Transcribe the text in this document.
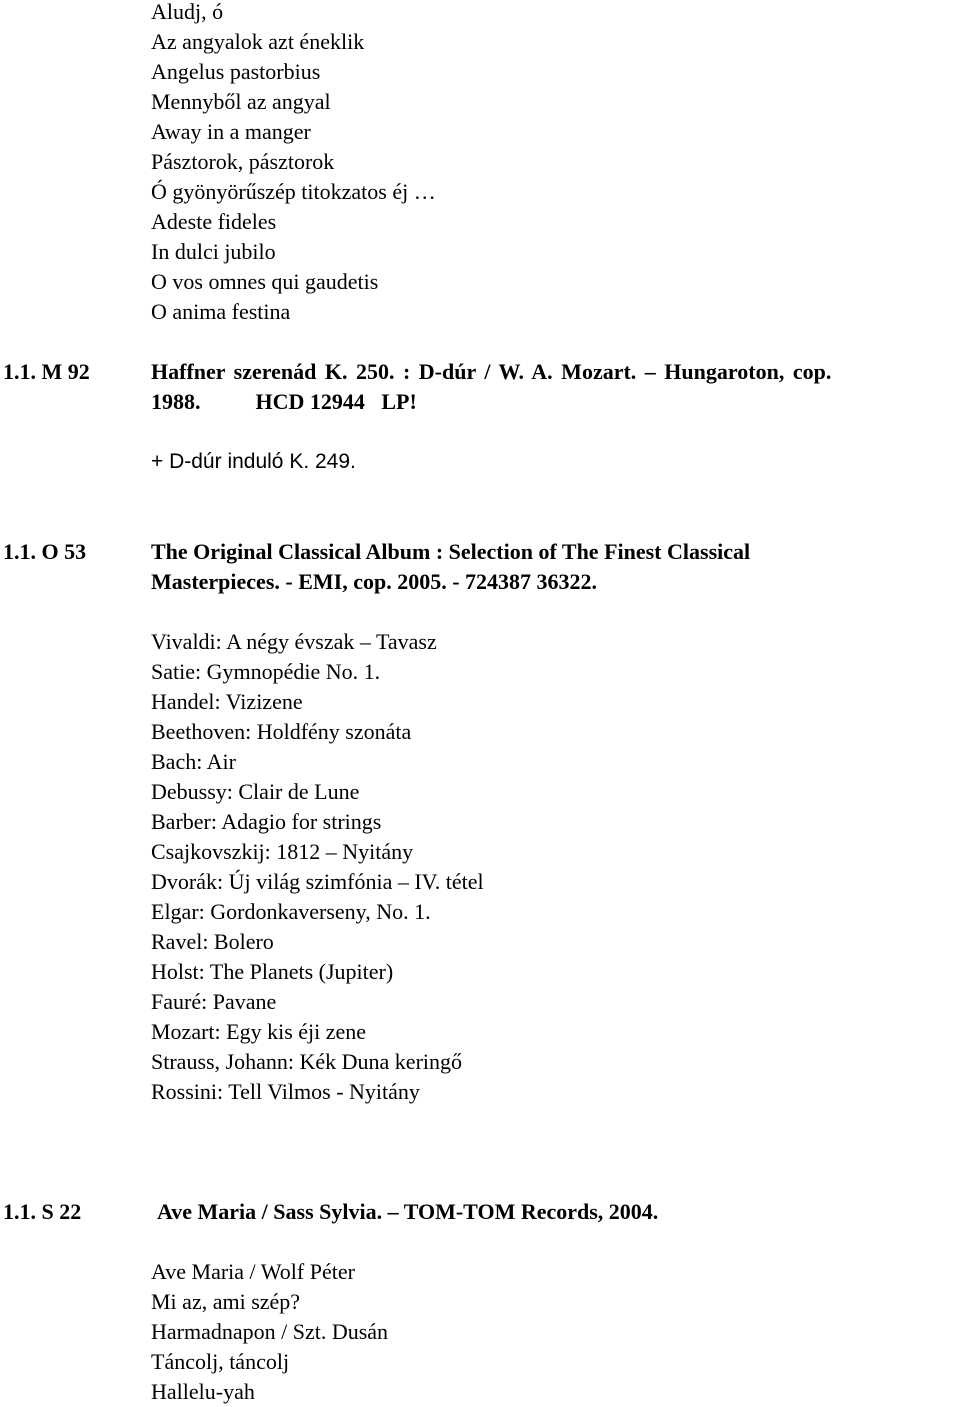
Aludj, ó
Az angyalok azt éneklik
Angelus pastorbius
Mennyből az angyal
Away in a manger
Pásztorok, pásztorok
Ó gyönyörűszép titokzatos éj …
Adeste fideles
In dulci jubilo
O vos omnes qui gaudetis
O anima festina
1.1. M 92	Haffner szerenád K. 250. : D-dúr / W. A. Mozart. – Hungaroton, cop.
1988.          HCD 12944   LP!
+ D-dúr induló K. 249.
1.1. O 53	The Original Classical Album : Selection of The Finest Classical
Masterpieces. - EMI, cop. 2005. - 724387 36322.
Vivaldi: A négy évszak – Tavasz
Satie: Gymnopédie No. 1.
Handel: Vizizene
Beethoven: Holdfény szonáta
Bach: Air
Debussy: Clair de Lune
Barber: Adagio for strings
Csajkovszkij: 1812 – Nyitány
Dvorák: Új világ szimfónia – IV. tétel
Elgar: Gordonkaverseny, No. 1.
Ravel: Bolero
Holst: The Planets (Jupiter)
Fauré: Pavane
Mozart: Egy kis éji zene
Strauss, Johann: Kék Duna keringő
Rossini: Tell Vilmos - Nyitány
1.1. S 22	Ave Maria / Sass Sylvia. – TOM-TOM Records, 2004.
Ave Maria / Wolf Péter
Mi az, ami szép?
Harmadnapon / Szt. Dusán
Táncolj, táncolj
Hallelu-yah
